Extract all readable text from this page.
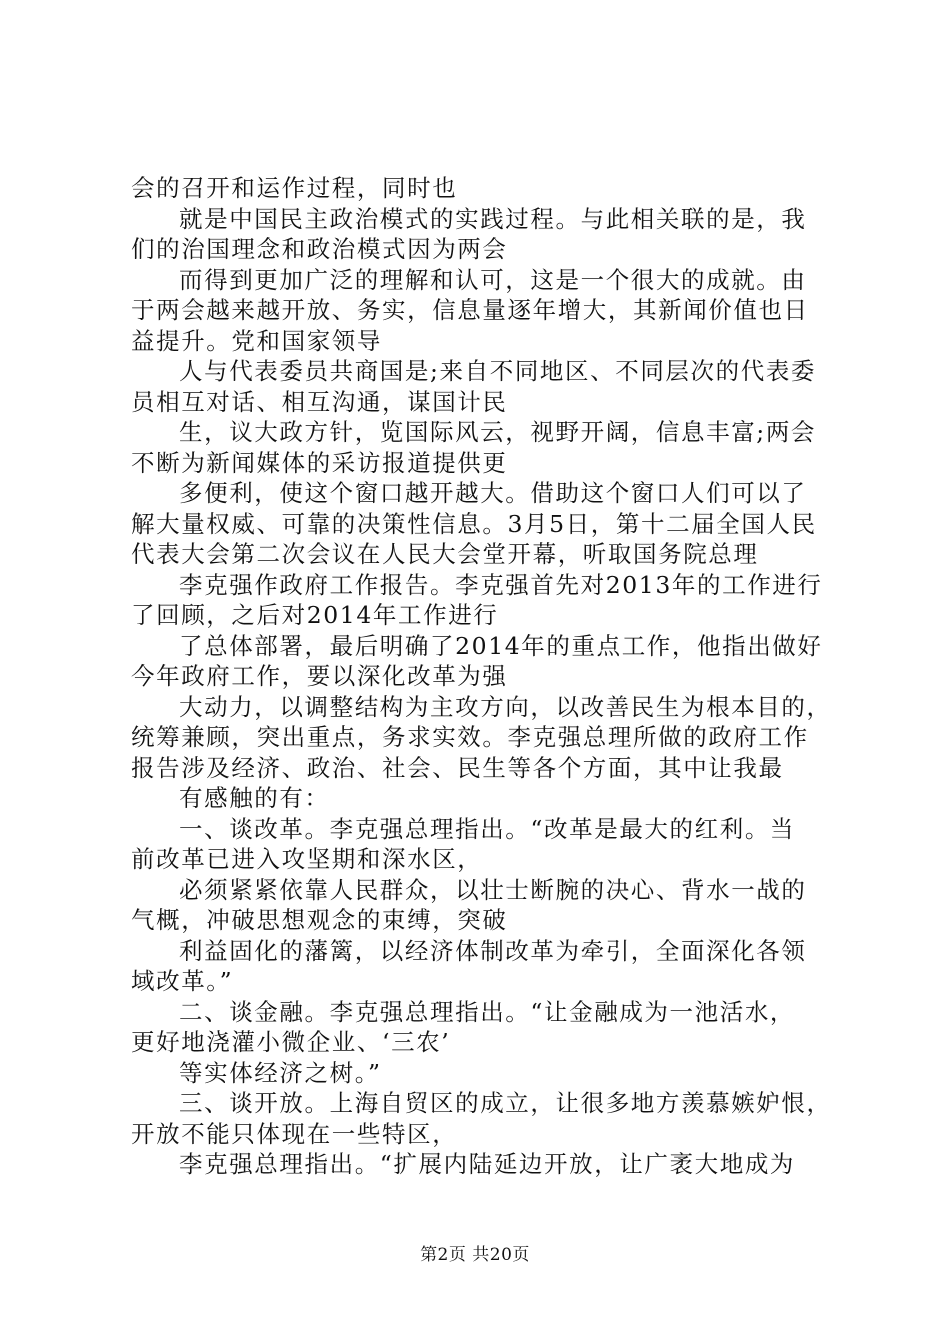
会的召开和运作过程，同时也
就是中国民主政治模式的实践过程。与此相关联的是，我
们的治国理念和政治模式因为两会
而得到更加广泛的理解和认可，这是一个很大的成就。由
于两会越来越开放、务实，信息量逐年增大，其新闻价值也日
益提升。党和国家领导
人与代表委员共商国是;来自不同地区、不同层次的代表委
员相互对话、相互沟通，谋国计民
生，议大政方针，览国际风云，视野开阔，信息丰富;两会
不断为新闻媒体的采访报道提供更
多便利，使这个窗口越开越大。借助这个窗口人们可以了
解大量权威、可靠的决策性信息。3月5日，第十二届全国人民
代表大会第二次会议在人民大会堂开幕，听取国务院总理
李克强作政府工作报告。李克强首先对2013年的工作进行
了回顾，之后对2014年工作进行
了总体部署，最后明确了2014年的重点工作，他指出做好
今年政府工作，要以深化改革为强
大动力，以调整结构为主攻方向，以改善民生为根本目的，
统筹兼顾，突出重点，务求实效。李克强总理所做的政府工作
报告涉及经济、政治、社会、民生等各个方面，其中让我最
有感触的有：
一、谈改革。李克强总理指出。“改革是最大的红利。当
前改革已进入攻坚期和深水区，
必须紧紧依靠人民群众，以壮士断腕的决心、背水一战的
气概，冲破思想观念的束缚，突破
利益固化的藩篱，以经济体制改革为牵引，全面深化各领
域改革。”
二、谈金融。李克强总理指出。“让金融成为一池活水，
更好地浇灌小微企业、‘三农’
等实体经济之树。”
三、谈开放。上海自贸区的成立，让很多地方羡慕嫉妒恨，
开放不能只体现在一些特区，
李克强总理指出。“扩展内陆延边开放，让广袤大地成为
第2页 共20页
